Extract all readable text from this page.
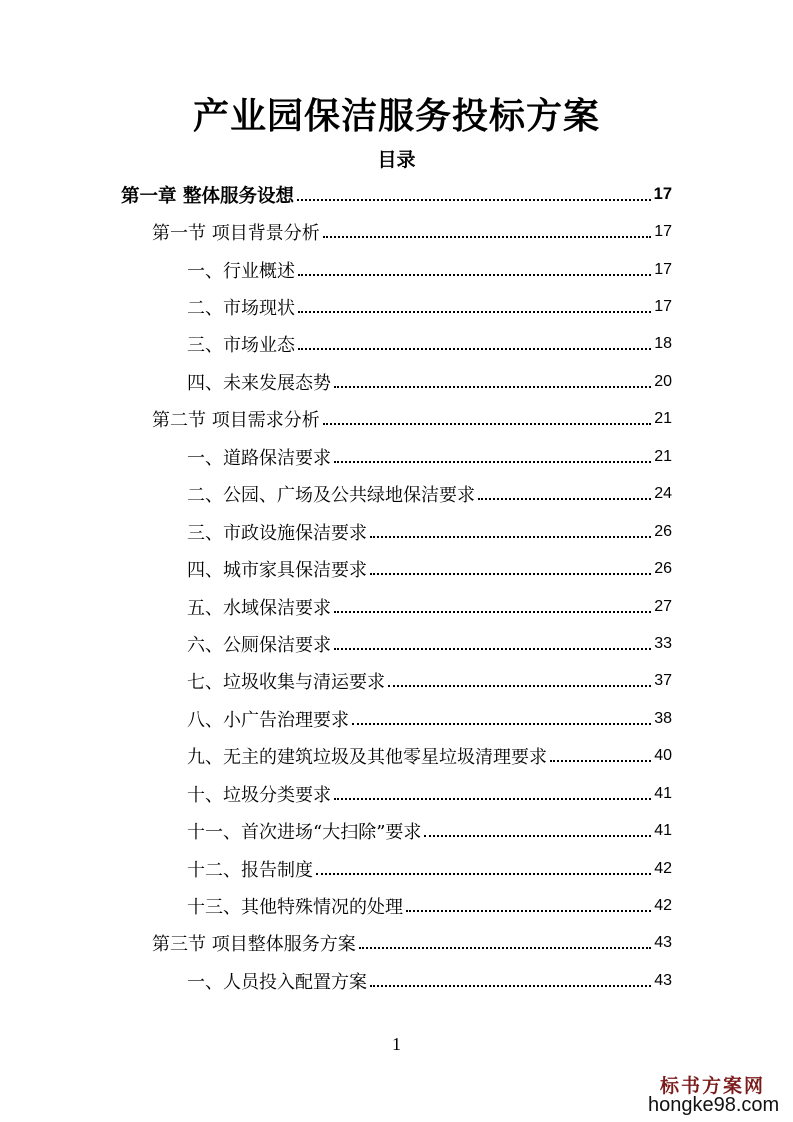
产业园保洁服务投标方案
目录
第一章 整体服务设想	17
第一节 项目背景分析	17
一、行业概述	17
二、市场现状	17
三、市场业态	18
四、未来发展态势	20
第二节 项目需求分析	21
一、道路保洁要求	21
二、公园、广场及公共绿地保洁要求	24
三、市政设施保洁要求	26
四、城市家具保洁要求	26
五、水域保洁要求	27
六、公厕保洁要求	33
七、垃圾收集与清运要求	37
八、小广告治理要求	38
九、无主的建筑垃圾及其他零星垃圾清理要求	40
十、垃圾分类要求	41
十一、首次进场“大扫除”要求	41
十二、报告制度	42
十三、其他特殊情况的处理	42
第三节 项目整体服务方案	43
一、人员投入配置方案	43
1
标书方案网
hongke98.com
